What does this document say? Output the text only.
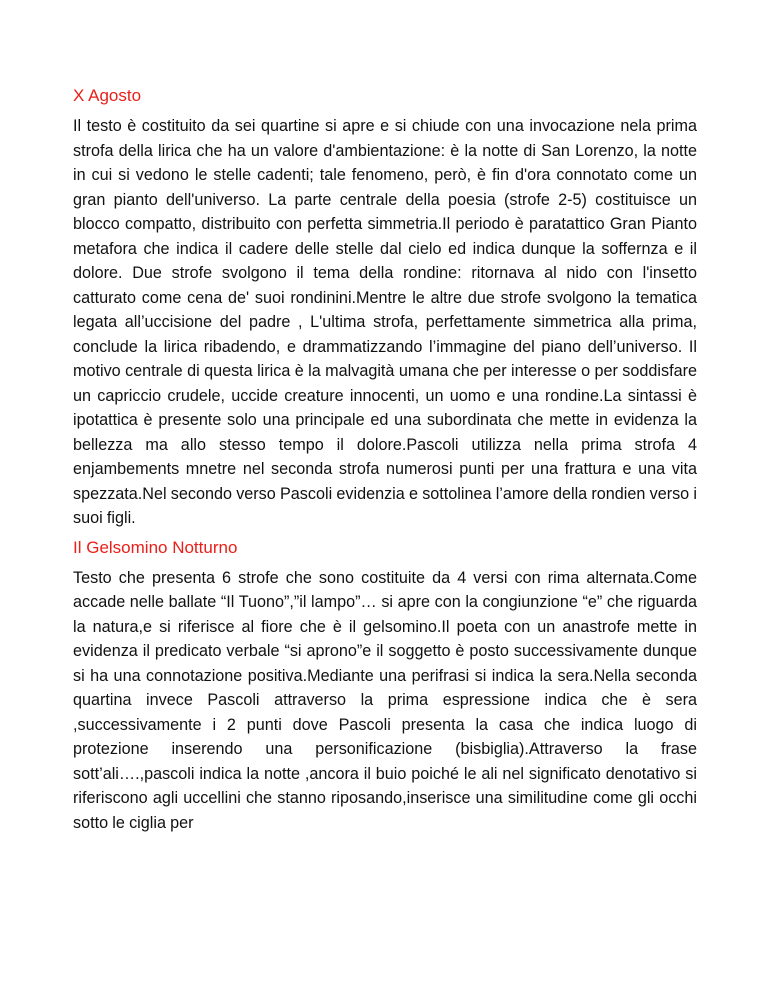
X Agosto

Il testo è costituito da sei quartine si apre e si chiude con una invocazione nela prima strofa della lirica che ha un valore d'ambientazione: è la notte di San Lorenzo, la notte in cui si vedono le stelle cadenti; tale fenomeno, però, è fin d'ora connotato come un gran pianto dell'universo. La parte centrale della poesia (strofe 2-5) costituisce un blocco compatto, distribuito con perfetta simmetria.Il periodo è paratattico Gran Pianto metafora che indica il cadere delle stelle dal cielo ed indica dunque la soffernza e il dolore. Due strofe svolgono il tema della rondine: ritornava al nido con l'insetto catturato come cena de' suoi rondinini.Mentre le altre due strofe svolgono la tematica legata all’uccisione del padre , L'ultima strofa, perfettamente simmetrica alla prima, conclude la lirica ribadendo, e drammatizzando l’immagine del piano dell’universo. Il motivo centrale di questa lirica è la malvagità umana che per interesse o per soddisfare un capriccio crudele, uccide creature innocenti, un uomo e una rondine.La sintassi è ipotattica è presente solo una principale ed una subordinata che mette in evidenza la bellezza ma allo stesso tempo il dolore.Pascoli utilizza nella prima strofa 4 enjambements mnetre nel seconda strofa numerosi punti per una frattura e una vita spezzata.Nel secondo verso Pascoli evidenzia e sottolinea l’amore della rondien verso i suoi figli.

Il Gelsomino Notturno

Testo che presenta 6 strofe che sono costituite da 4 versi con rima alternata.Come accade nelle ballate “Il Tuono”,”il lampo”… si apre con la congiunzione “e” che riguarda la natura,e si riferisce al fiore che è il gelsomino.Il poeta con un anastrofe mette in evidenza il predicato verbale “si aprono”e il soggetto è posto successivamente dunque si ha una connotazione positiva.Mediante una perifrasi si indica la sera.Nella seconda quartina invece Pascoli attraverso la prima espressione indica che è sera ,successivamente i 2 punti dove Pascoli presenta la casa che indica luogo di protezione inserendo una personificazione (bisbiglia).Attraverso la frase sott’ali….,pascoli indica la notte ,ancora il buio poiché le ali nel significato denotativo si riferiscono agli uccellini che stanno riposando,inserisce una similitudine come gli occhi sotto le ciglia per
